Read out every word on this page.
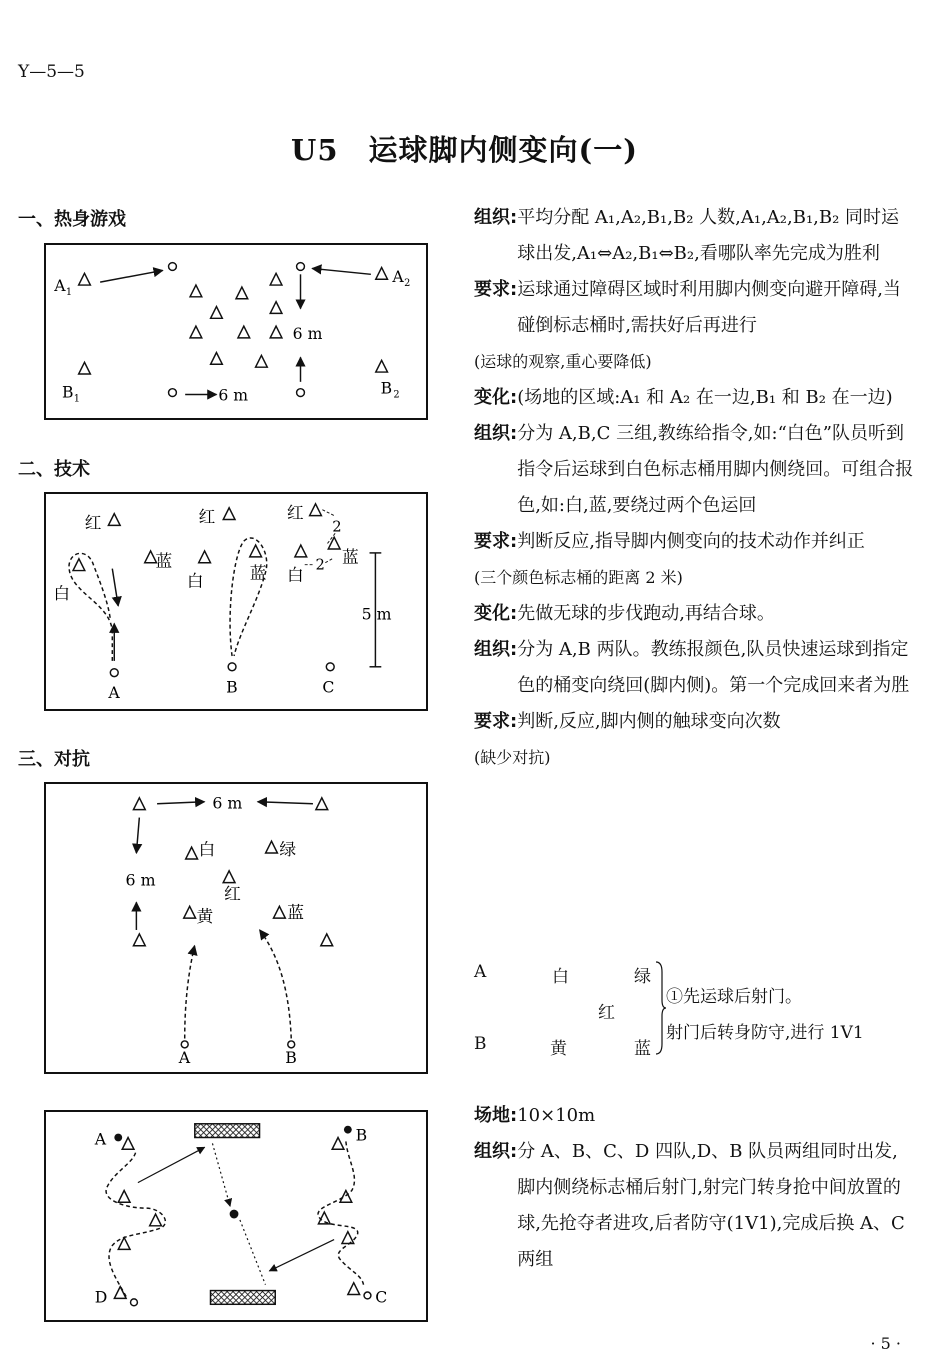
Y—5—5
U5　运球脚内侧变向(一)
一、热身游戏
二、技术
三、对抗
A 1
A 2
B 1
B 2
6 m
6 m
红	红	红
蓝
蓝
蓝
白
白	白
2
2
5 m
A	B	C
6 m
6 m
白	绿
红
黄	蓝
A	B
A	B
D	C
组织: 平均分配 A₁,A₂,B₁,B₂ 人数,A₁,A₂,B₁,B₂ 同时运球出发,A₁⇔A₂,B₁⇔B₂,看哪队率先完成为胜利
要求: 运球通过障碍区域时利用脚内侧变向避开障碍,当碰倒标志桶时,需扶好后再进行
(运球的观察,重心要降低)
变化: (场地的区域:A₁ 和 A₂ 在一边,B₁ 和 B₂ 在一边)
组织: 分为 A,B,C 三组,教练给指令,如:“白色”队员听到指令后运球到白色标志桶用脚内侧绕回。可组合报色,如:白,蓝,要绕过两个色运回
要求: 判断反应,指导脚内侧变向的技术动作并纠正
(三个颜色标志桶的距离 2 米)
变化: 先做无球的步伐跑动,再结合球。
组织: 分为 A,B 两队。教练报颜色,队员快速运球到指定色的桶变向绕回(脚内侧)。第一个完成回来者为胜
要求: 判断,反应,脚内侧的触球变向次数
(缺少对抗)
A	白	绿
红
B	黄	蓝
①先运球后射门。
射门后转身防守,进行 1V1
场地: 10×10m
组织: 分 A、B、C、D 四队,D、B 队员两组同时出发,脚内侧绕标志桶后射门,射完门转身抢中间放置的球,先抢夺者进攻,后者防守(1V1),完成后换 A、C 两组
· 5 ·
